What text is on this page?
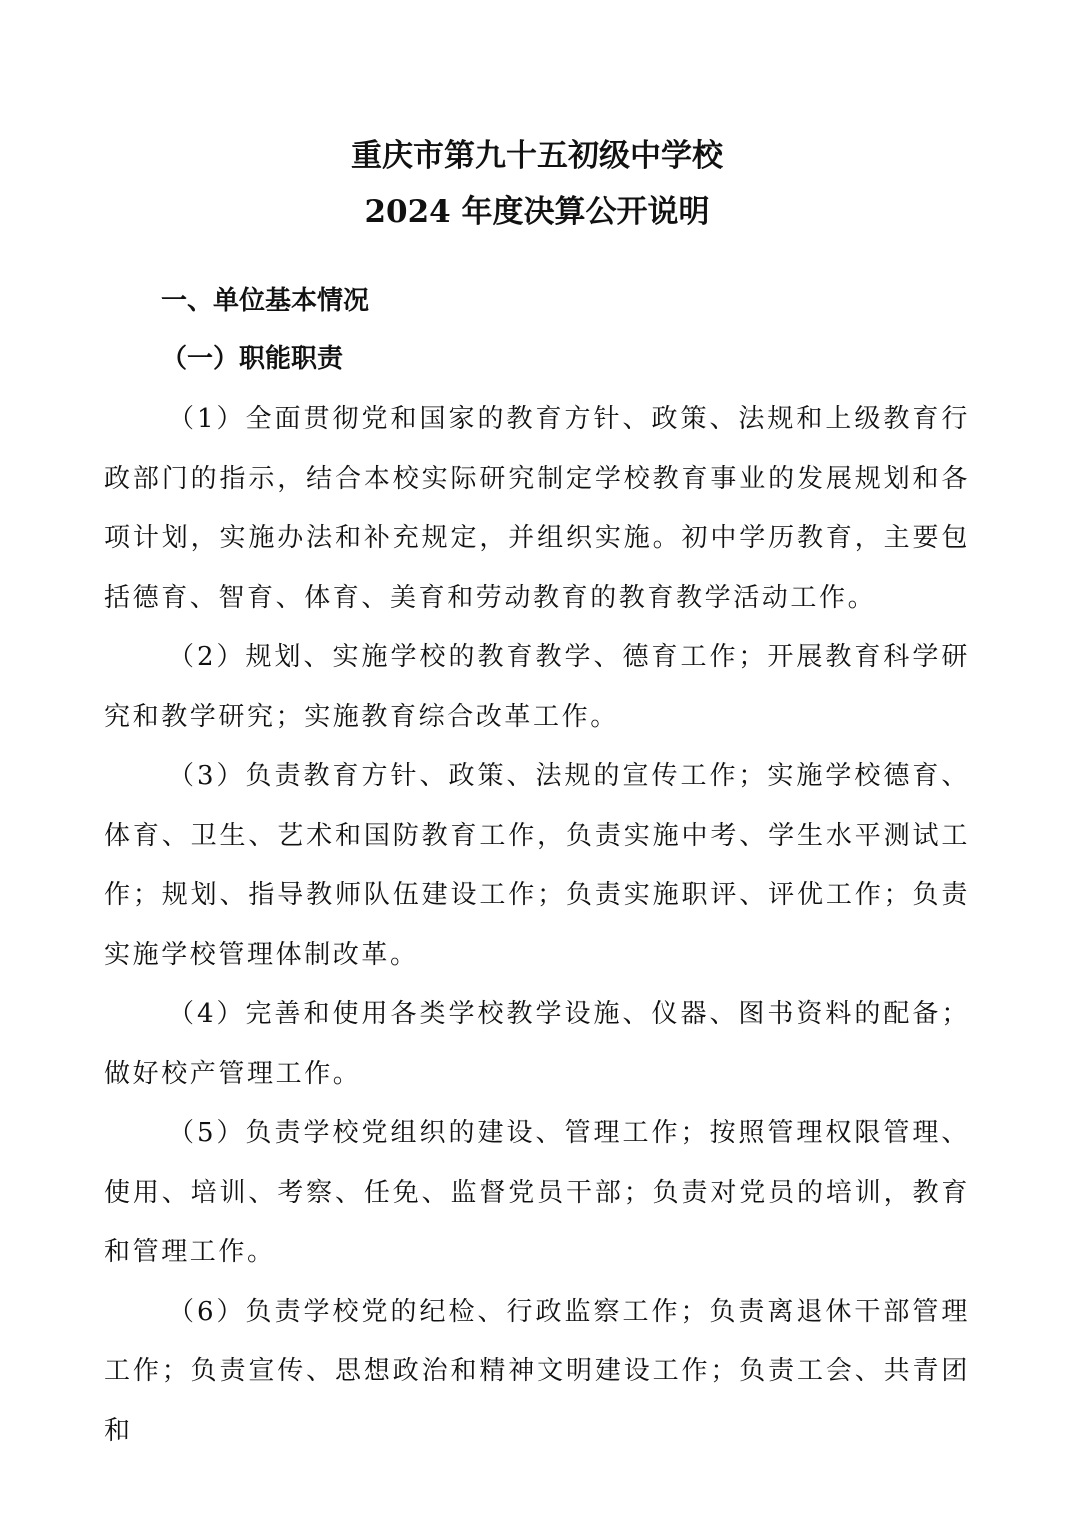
重庆市第九十五初级中学校
2024 年度决算公开说明

一、单位基本情况

（一）职能职责

（1）全面贯彻党和国家的教育方针、政策、法规和上级教育行政部门的指示，结合本校实际研究制定学校教育事业的发展规划和各项计划，实施办法和补充规定，并组织实施。初中学历教育，主要包括德育、智育、体育、美育和劳动教育的教育教学活动工作。

（2）规划、实施学校的教育教学、德育工作；开展教育科学研究和教学研究；实施教育综合改革工作。

（3）负责教育方针、政策、法规的宣传工作；实施学校德育、体育、卫生、艺术和国防教育工作，负责实施中考、学生水平测试工作；规划、指导教师队伍建设工作；负责实施职评、评优工作；负责实施学校管理体制改革。

（4）完善和使用各类学校教学设施、仪器、图书资料的配备；做好校产管理工作。

（5）负责学校党组织的建设、管理工作；按照管理权限管理、使用、培训、考察、任免、监督党员干部；负责对党员的培训，教育和管理工作。

（6）负责学校党的纪检、行政监察工作；负责离退休干部管理工作；负责宣传、思想政治和精神文明建设工作；负责工会、共青团和
